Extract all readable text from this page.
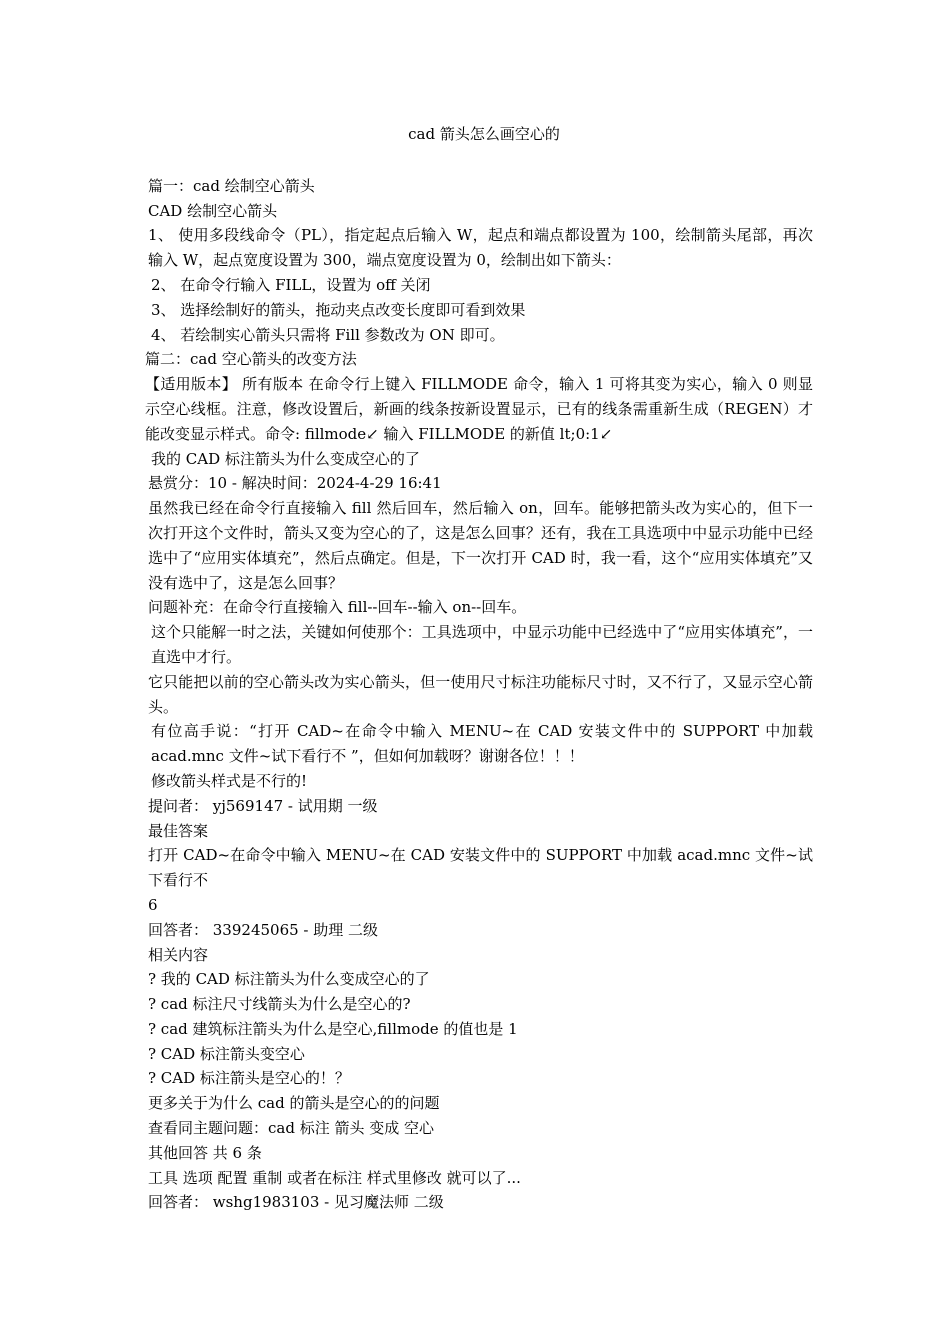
cad 箭头怎么画空心的
篇一：cad 绘制空心箭头
CAD 绘制空心箭头
1、 使用多段线命令（PL），指定起点后输入 W，起点和端点都设置为 100，绘制箭头尾部，再次输入 W，起点宽度设置为 300，端点宽度设置为 0，绘制出如下箭头：
2、 在命令行输入 FILL，设置为 off 关闭
3、 选择绘制好的箭头，拖动夹点改变长度即可看到效果
4、 若绘制实心箭头只需将 Fill 参数改为 ON 即可。
篇二：cad 空心箭头的改变方法
【适用版本】 所有版本 在命令行上键入 FILLMODE 命令，输入 1 可将其变为实心，输入 0 则显示空心线框。注意，修改设置后，新画的线条按新设置显示，已有的线条需重新生成（REGEN）才能改变显示样式。命令: fillmode↙ 输入 FILLMODE 的新值 lt;0:1↙
我的 CAD 标注箭头为什么变成空心的了
悬赏分：10 - 解决时间：2024-4-29 16:41
虽然我已经在命令行直接输入 fill 然后回车，然后输入 on，回车。能够把箭头改为实心的，但下一次打开这个文件时，箭头又变为空心的了，这是怎么回事？还有，我在工具选项中中显示功能中已经选中了“应用实体填充”，然后点确定。但是，下一次打开 CAD 时，我一看，这个“应用实体填充”又没有选中了，这是怎么回事？
问题补充：在命令行直接输入 fill--回车--输入 on--回车。
这个只能解一时之法，关键如何使那个：工具选项中，中显示功能中已经选中了“应用实体填充”，一直选中才行。
它只能把以前的空心箭头改为实心箭头，但一使用尺寸标注功能标尺寸时，又不行了，又显示空心箭头。
有位高手说：“打开 CAD~在命令中输入 MENU~在 CAD 安装文件中的 SUPPORT 中加载 acad.mnc 文件~试下看行不 ”，但如何加载呀？谢谢各位！！！
修改箭头样式是不行的!
提问者： yj569147 - 试用期 一级
最佳答案
打开 CAD~在命令中输入 MENU~在 CAD 安装文件中的 SUPPORT 中加载 acad.mnc 文件~试下看行不
6
回答者： 339245065 - 助理 二级
相关内容
? 我的 CAD 标注箭头为什么变成空心的了
? cad 标注尺寸线箭头为什么是空心的?
? cad 建筑标注箭头为什么是空心,fillmode 的值也是 1
? CAD 标注箭头变空心
? CAD 标注箭头是空心的！？
更多关于为什么 cad 的箭头是空心的的问题
查看同主题问题：cad 标注 箭头 变成 空心
其他回答 共 6 条
工具 选项 配置 重制 或者在标注 样式里修改 就可以了...
回答者： wshg1983103 - 见习魔法师 二级
